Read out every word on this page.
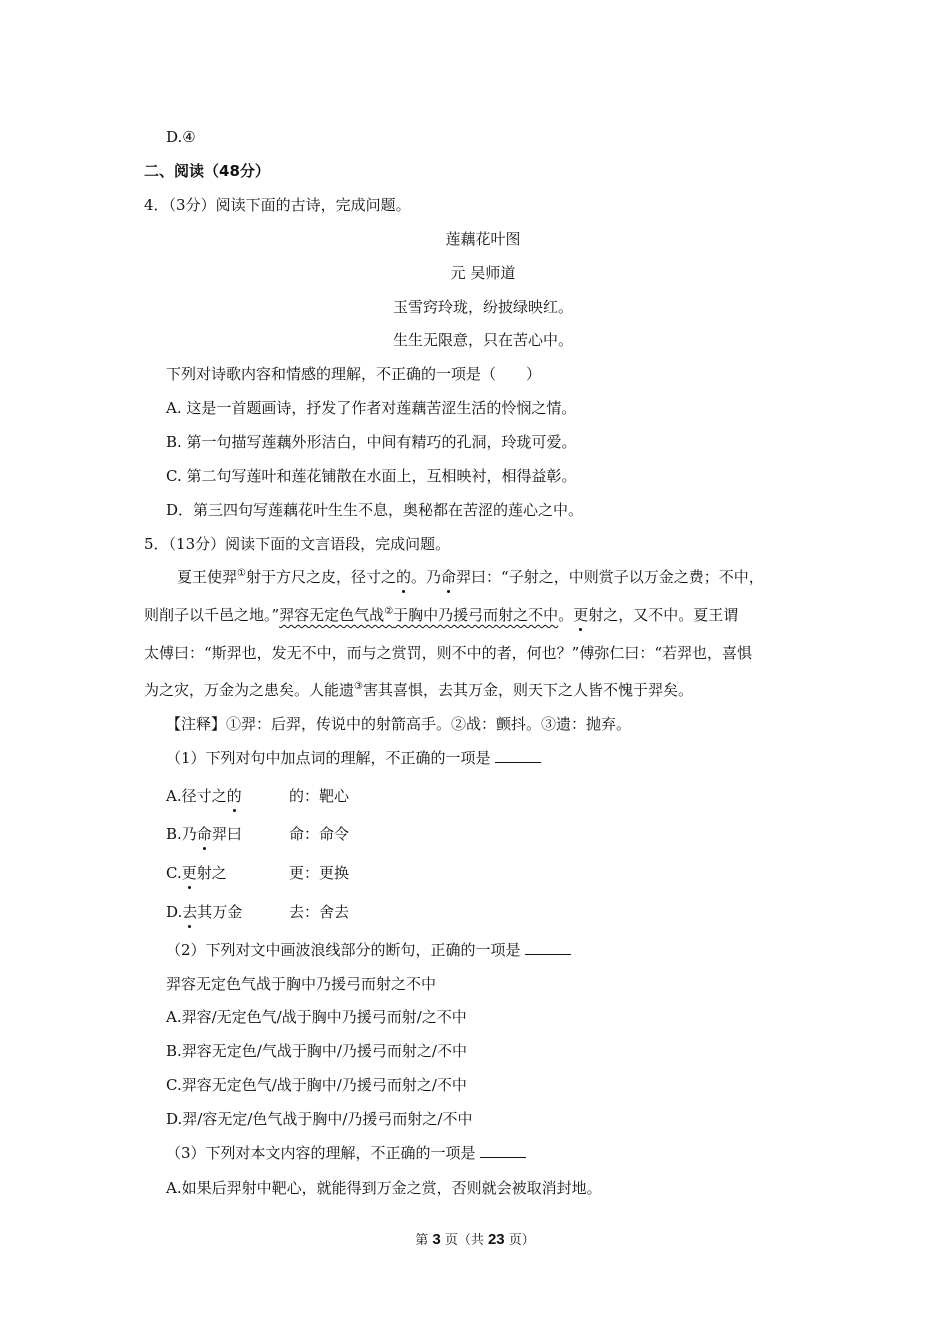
D.④
二、阅读（48分）
4．（3分）阅读下面的古诗，完成问题。
莲藕花叶图
元 吴师道
玉雪窍玲珑，纷披绿映红。
生生无限意，只在苦心中。
下列对诗歌内容和情感的理解，不正确的一项是（　　）
A. 这是一首题画诗，抒发了作者对莲藕苦涩生活的怜悯之情。
B. 第一句描写莲藕外形洁白，中间有精巧的孔洞，玲珑可爱。
C. 第二句写莲叶和莲花铺散在水面上，互相映衬，相得益彰。
D．第三四句写莲藕花叶生生不息，奥秘都在苦涩的莲心之中。
5．（13分）阅读下面的文言语段，完成问题。
夏王使羿①射于方尺之皮，径寸之的。乃命羿曰：“子射之，中则赏子以万金之费；不中，
则削子以千邑之地。”羿容无定色气战②于胸中乃援弓而射之不中。更射之，又不中。夏王谓
太傅曰：“斯羿也，发无不中，而与之赏罚，则不中的者，何也？”傅弥仁曰：“若羿也，喜惧
为之灾，万金为之患矣。人能遗③害其喜惧，去其万金，则天下之人皆不愧于羿矣。
【注释】①羿：后羿，传说中的射箭高手。②战：颤抖。③遗：抛弃。
（1）下列对句中加点词的理解，不正确的一项是
A.径寸之的	的：靶心
B.乃命羿曰	命：命令
C.更射之	更：更换
D.去其万金	去：舍去
（2）下列对文中画波浪线部分的断句，正确的一项是
羿容无定色气战于胸中乃援弓而射之不中
A.羿容/无定色气/战于胸中乃援弓而射/之不中
B.羿容无定色/气战于胸中/乃援弓而射之/不中
C.羿容无定色气/战于胸中/乃援弓而射之/不中
D.羿/容无定/色气战于胸中/乃援弓而射之/不中
（3）下列对本文内容的理解，不正确的一项是
A.如果后羿射中靶心，就能得到万金之赏，否则就会被取消封地。
第 3 页（共 23 页）
